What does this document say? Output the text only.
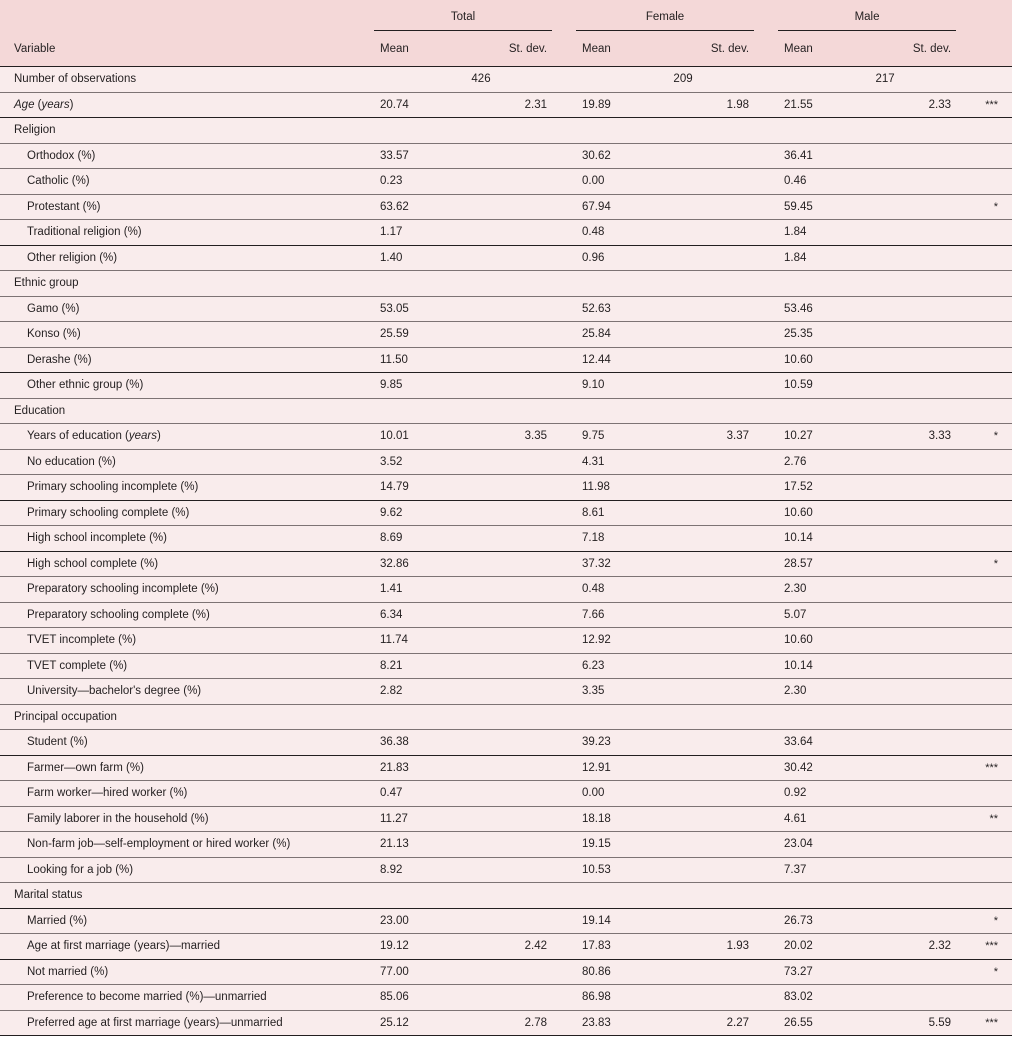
	Total		Female		Male	

Variable	Mean	St. dev.	Mean	St. dev.	Mean	St. dev.	
Number of observations	426		209		217		
Age (years)	20.74	2.31	19.89	1.98	21.55	2.33	***
Religion							
Orthodox (%)	33.57		30.62		36.41		
Catholic (%)	0.23		0.00		0.46		
Protestant (%)	63.62		67.94		59.45		*
Traditional religion (%)	1.17		0.48		1.84		
Other religion (%)	1.40		0.96		1.84		
Ethnic group							
Gamo (%)	53.05		52.63		53.46		
Konso (%)	25.59		25.84		25.35		
Derashe (%)	11.50		12.44		10.60		
Other ethnic group (%)	9.85		9.10		10.59		
Education							
Years of education (years)	10.01	3.35	9.75	3.37	10.27	3.33	*
No education (%)	3.52		4.31		2.76		
Primary schooling incomplete (%)	14.79		11.98		17.52		
Primary schooling complete (%)	9.62		8.61		10.60		
High school incomplete (%)	8.69		7.18		10.14		
High school complete (%)	32.86		37.32		28.57		*
Preparatory schooling incomplete (%)	1.41		0.48		2.30		
Preparatory schooling complete (%)	6.34		7.66		5.07		
TVET incomplete (%)	11.74		12.92		10.60		
TVET complete (%)	8.21		6.23		10.14		
University—bachelor's degree (%)	2.82		3.35		2.30		
Principal occupation							
Student (%)	36.38		39.23		33.64		
Farmer—own farm (%)	21.83		12.91		30.42		***
Farm worker—hired worker (%)	0.47		0.00		0.92		
Family laborer in the household (%)	11.27		18.18		4.61		**
Non-farm job—self-employment or hired worker (%)	21.13		19.15		23.04		
Looking for a job (%)	8.92		10.53		7.37		
Marital status							
Married (%)	23.00		19.14		26.73		*
Age at first marriage (years)—married	19.12	2.42	17.83	1.93	20.02	2.32	***
Not married (%)	77.00		80.86		73.27		*
Preference to become married (%)—unmarried	85.06		86.98		83.02		
Preferred age at first marriage (years)—unmarried	25.12	2.78	23.83	2.27	26.55	5.59	***
